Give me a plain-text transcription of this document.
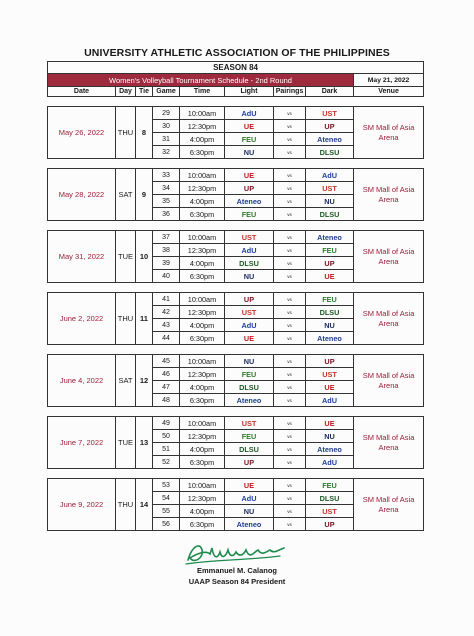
UNIVERSITY ATHLETIC ASSOCIATION OF THE PHILIPPINES
SEASON 84								
Women's Volleyball Tournament Schedule - 2nd Round								May 21, 2022
Date	Day	Tie	Game	Time	Light	Pairings	Dark	Venue

May 26, 2022	THU	8	29	10:00am	AdU	vs	UST	SM Mall of Asia
Arena
			30	12:30pm	UE	vs	UP	
			31	4:00pm	FEU	vs	Ateneo	
			32	6:30pm	NU	vs	DLSU	

May 28, 2022	SAT	9	33	10:00am	UE	vs	AdU	SM Mall of Asia
Arena
			34	12:30pm	UP	vs	UST	
			35	4:00pm	Ateneo	vs	NU	
			36	6:30pm	FEU	vs	DLSU	

May 31, 2022	TUE	10	37	10:00am	UST	vs	Ateneo	SM Mall of Asia
Arena
			38	12:30pm	AdU	vs	FEU	
			39	4:00pm	DLSU	vs	UP	
			40	6:30pm	NU	vs	UE	

June 2, 2022	THU	11	41	10:00am	UP	vs	FEU	SM Mall of Asia
Arena
			42	12:30pm	UST	vs	DLSU	
			43	4:00pm	AdU	vs	NU	
			44	6:30pm	UE	vs	Ateneo	

June 4, 2022	SAT	12	45	10:00am	NU	vs	UP	SM Mall of Asia
Arena
			46	12:30pm	FEU	vs	UST	
			47	4:00pm	DLSU	vs	UE	
			48	6:30pm	Ateneo	vs	AdU	

June 7, 2022	TUE	13	49	10:00am	UST	vs	UE	SM Mall of Asia
Arena
			50	12:30pm	FEU	vs	NU	
			51	4:00pm	DLSU	vs	Ateneo	
			52	6:30pm	UP	vs	AdU	

June 9, 2022	THU	14	53	10:00am	UE	vs	FEU	SM Mall of Asia
Arena
			54	12:30pm	AdU	vs	DLSU	
			55	4:00pm	NU	vs	UST	
			56	6:30pm	Ateneo	vs	UP	
Emmanuel M. Calanog
UAAP Season 84 President
